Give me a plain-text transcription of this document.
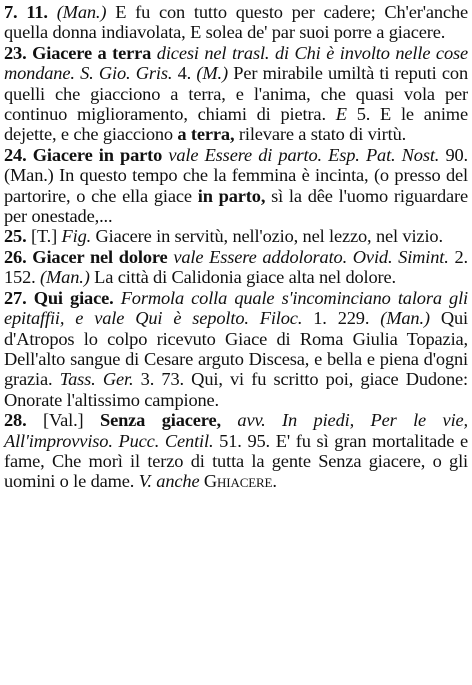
7. 11. (Man.) E fu con tutto questo per cadere; Ch'er'anche quella donna indiavolata, E solea de' par suoi porre a giacere.

23. Giacere a terra dicesi nel trasl. di Chi è involto nelle cose mondane. S. Gio. Gris. 4. (M.) Per mirabile umiltà ti reputi con quelli che giacciono a terra, e l'anima, che quasi vola per continuo miglioramento, chiami di pietra. E 5. E le anime dejette, e che giacciono a terra, rilevare a stato di virtù.

24. Giacere in parto vale Essere di parto. Esp. Pat. Nost. 90. (Man.) In questo tempo che la femmina è incinta, (o presso del partorire, o che ella giace in parto, sì la dêe l'uomo riguardare per onestade,...

25. [T.] Fig. Giacere in servitù, nell'ozio, nel lezzo, nel vizio.

26. Giacer nel dolore vale Essere addolorato. Ovid. Simint. 2. 152. (Man.) La città di Calidonia giace alta nel dolore.

27. Qui giace. Formola colla quale s'incominciano talora gli epitaffii, e vale Qui è sepolto. Filoc. 1. 229. (Man.) Qui d'Atropos lo colpo ricevuto Giace di Roma Giulia Topazia, Dell'alto sangue di Cesare arguto Discesa, e bella e piena d'ogni grazia. Tass. Ger. 3. 73. Qui, vi fu scritto poi, giace Dudone: Onorate l'altissimo campione.

28. [Val.] Senza giacere, avv. In piedi, Per le vie, All'improvviso. Pucc. Centil. 51. 95. E' fu sì gran mortalitade e fame, Che morì il terzo di tutta la gente Senza giacere, o gli uomini o le dame. V. anche Ghiacere.
